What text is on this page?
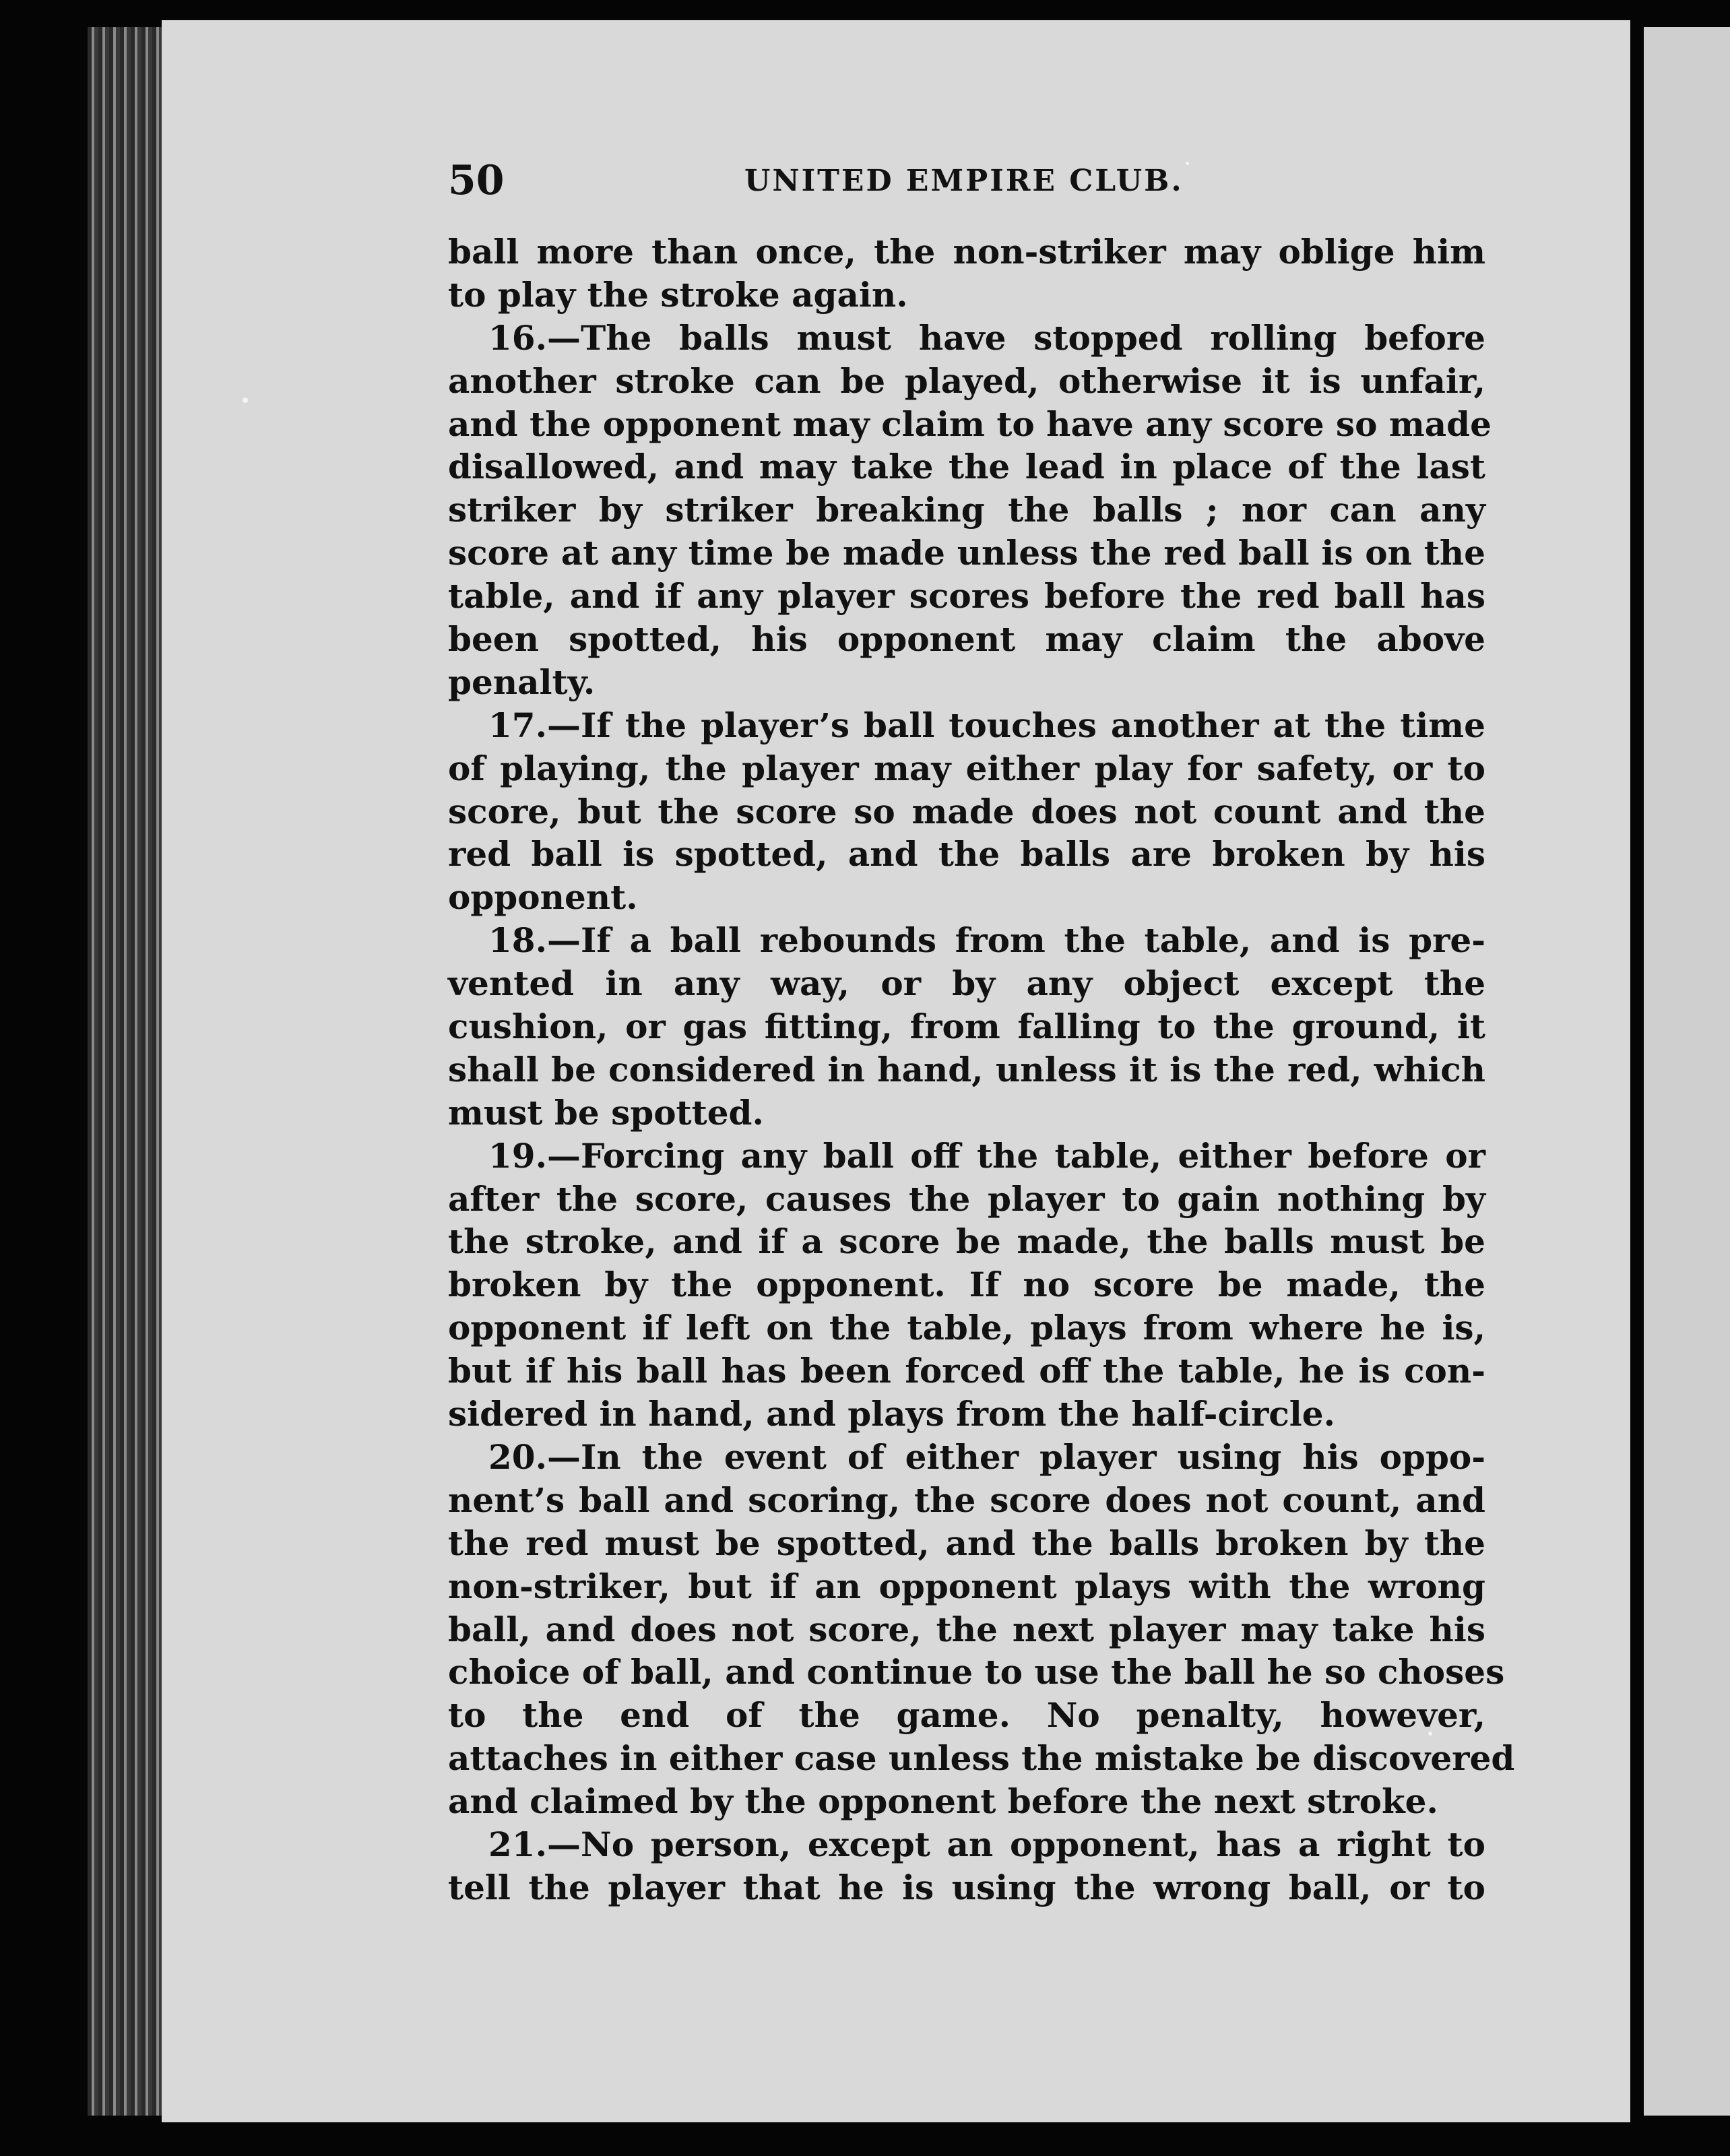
50	UNITED EMPIRE CLUB.
ball more than once, the non-striker may oblige him
to play the stroke again.
16.—The balls must have stopped rolling before
another stroke can be played, otherwise it is unfair,
and the opponent may claim to have any score so made
disallowed, and may take the lead in place of the last
striker by striker breaking the balls ; nor can any
score at any time be made unless the red ball is on the
table, and if any player scores before the red ball has
been spotted, his opponent may claim the above
penalty.
17.—If the player’s ball touches another at the time
of playing, the player may either play for safety, or to
score, but the score so made does not count and the
red ball is spotted, and the balls are broken by his
opponent.
18.—If a ball rebounds from the table, and is pre-
vented in any way, or by any object except the
cushion, or gas fitting, from falling to the ground, it
shall be considered in hand, unless it is the red, which
must be spotted.
19.—Forcing any ball off the table, either before or
after the score, causes the player to gain nothing by
the stroke, and if a score be made, the balls must be
broken by the opponent. If no score be made, the
opponent if left on the table, plays from where he is,
but if his ball has been forced off the table, he is con-
sidered in hand, and plays from the half-circle.
20.—In the event of either player using his oppo-
nent’s ball and scoring, the score does not count, and
the red must be spotted, and the balls broken by the
non-striker, but if an opponent plays with the wrong
ball, and does not score, the next player may take his
choice of ball, and continue to use the ball he so choses
to the end of the game. No penalty, however,
attaches in either case unless the mistake be discovered
and claimed by the opponent before the next stroke.
21.—No person, except an opponent, has a right to
tell the player that he is using the wrong ball, or to
